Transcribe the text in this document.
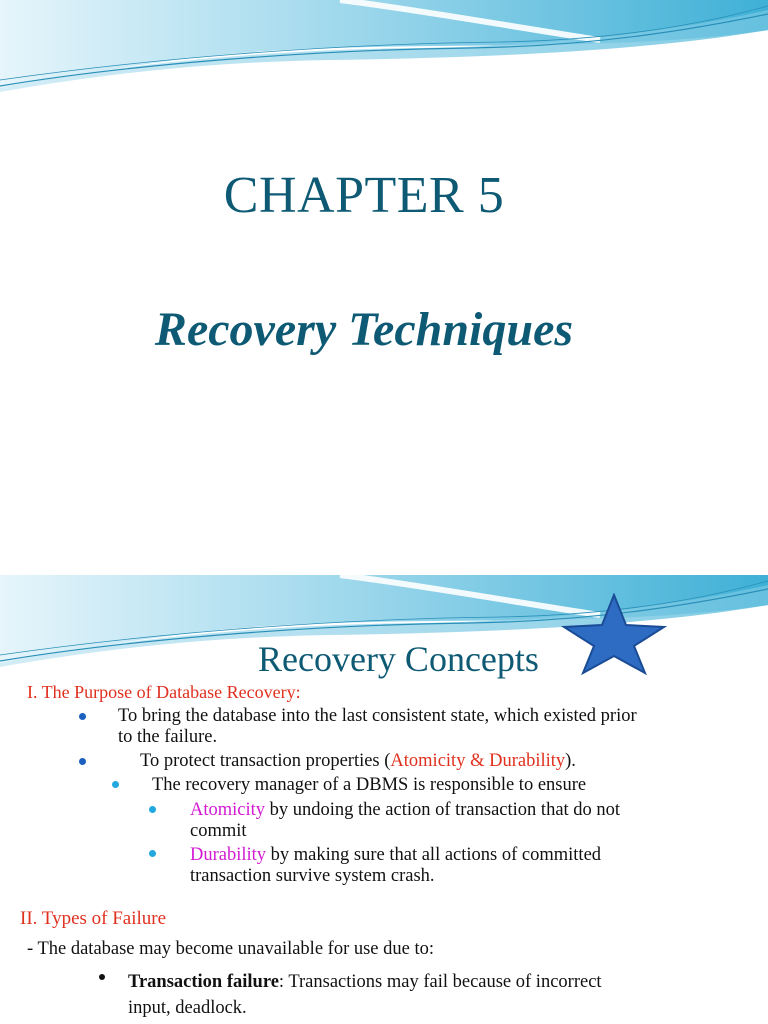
CHAPTER 5
Recovery Techniques
Recovery Concepts
I. The Purpose of Database Recovery:
To bring the database into the last consistent state, which existed prior
to the failure.
To protect transaction properties (Atomicity & Durability).
The recovery manager of a DBMS is responsible to ensure
Atomicity by undoing the action of transaction that do not
commit
Durability by making sure that all actions of committed
transaction survive system crash.
II. Types of Failure
- The database may become unavailable for use due to:
Transaction failure: Transactions may fail because of incorrect
input, deadlock.
